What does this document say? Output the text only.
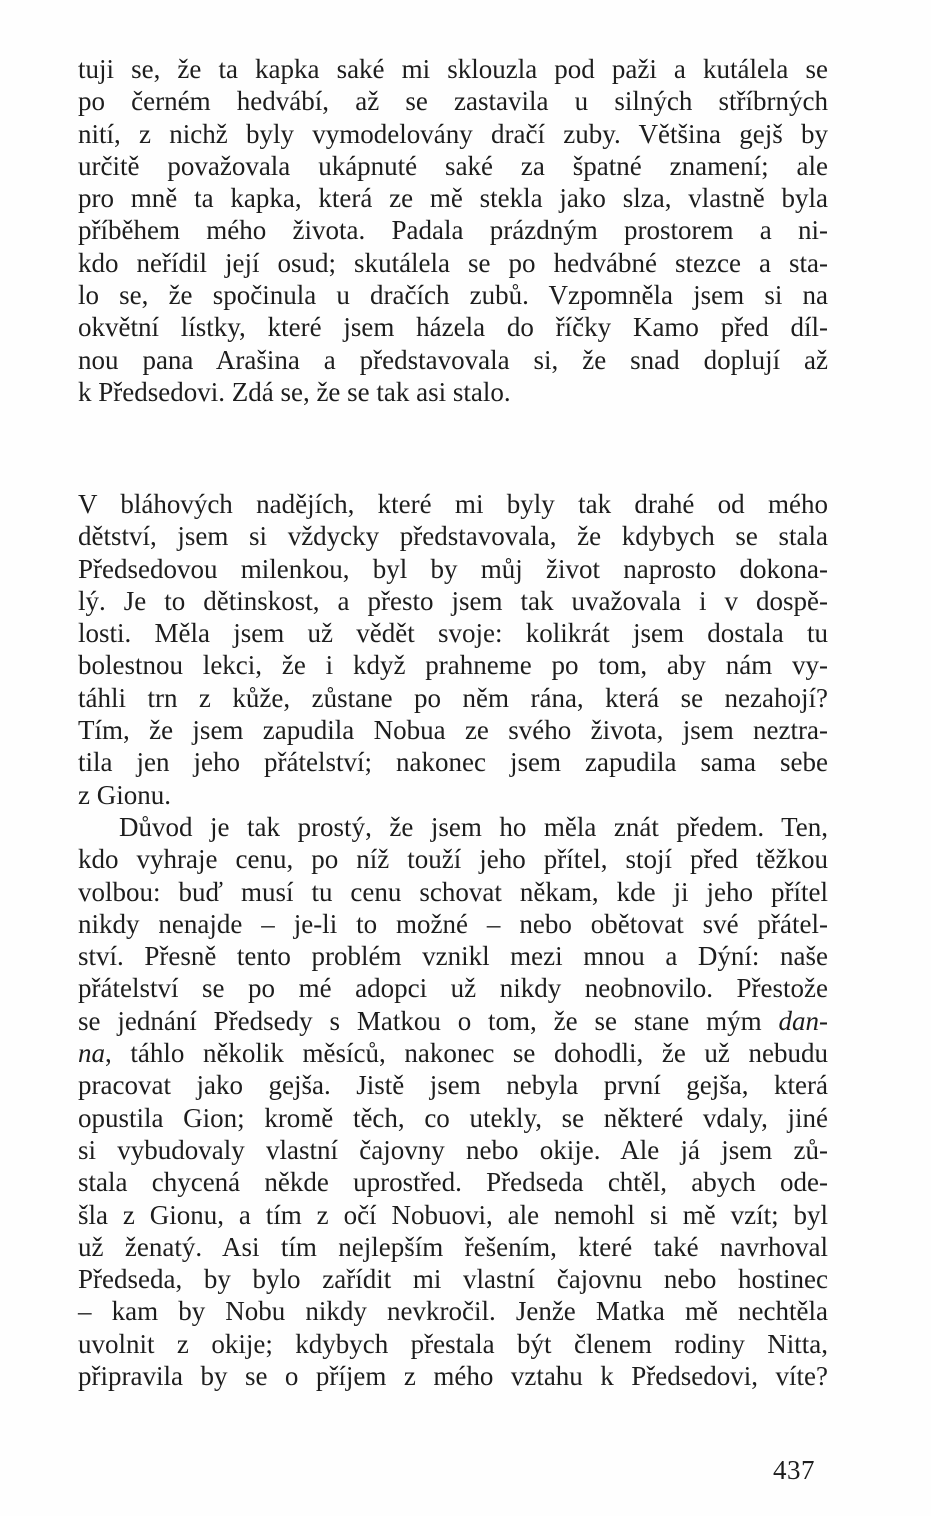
tuji se, že ta kapka saké mi sklouzla pod paži a kutálela se
po černém hedvábí, až se zastavila u silných stříbrných
nití, z nichž byly vymodelovány dračí zuby. Většina gejš by
určitě považovala ukápnuté saké za špatné znamení; ale
pro mně ta kapka, která ze mě stekla jako slza, vlastně byla
příběhem mého života. Padala prázdným prostorem a ni-
kdo neřídil její osud; skutálela se po hedvábné stezce a sta-
lo se, že spočinula u dračích zubů. Vzpomněla jsem si na
okvětní lístky, které jsem házela do říčky Kamo před díl-
nou pana Arašina a představovala si, že snad doplují až
k Předsedovi. Zdá se, že se tak asi stalo.
V bláhových nadějích, které mi byly tak drahé od mého
dětství, jsem si vždycky představovala, že kdybych se stala
Předsedovou milenkou, byl by můj život naprosto dokona-
lý. Je to dětinskost, a přesto jsem tak uvažovala i v dospě-
losti. Měla jsem už vědět svoje: kolikrát jsem dostala tu
bolestnou lekci, že i když prahneme po tom, aby nám vy-
táhli trn z kůže, zůstane po něm rána, která se nezahojí?
Tím, že jsem zapudila Nobua ze svého života, jsem neztra-
tila jen jeho přátelství; nakonec jsem zapudila sama sebe
z Gionu.
Důvod je tak prostý, že jsem ho měla znát předem. Ten,
kdo vyhraje cenu, po níž touží jeho přítel, stojí před těžkou
volbou: buď musí tu cenu schovat někam, kde ji jeho přítel
nikdy nenajde – je-li to možné – nebo obětovat své přátel-
ství. Přesně tento problém vznikl mezi mnou a Dýní: naše
přátelství se po mé adopci už nikdy neobnovilo. Přestože
se jednání Předsedy s Matkou o tom, že se stane mým dan-
na, táhlo několik měsíců, nakonec se dohodli, že už nebudu
pracovat jako gejša. Jistě jsem nebyla první gejša, která
opustila Gion; kromě těch, co utekly, se některé vdaly, jiné
si vybudovaly vlastní čajovny nebo okije. Ale já jsem zů-
stala chycená někde uprostřed. Předseda chtěl, abych ode-
šla z Gionu, a tím z očí Nobuovi, ale nemohl si mě vzít; byl
už ženatý. Asi tím nejlepším řešením, které také navrhoval
Předseda, by bylo zařídit mi vlastní čajovnu nebo hostinec
– kam by Nobu nikdy nevkročil. Jenže Matka mě nechtěla
uvolnit z okije; kdybych přestala být členem rodiny Nitta,
připravila by se o příjem z mého vztahu k Předsedovi, víte?
437
